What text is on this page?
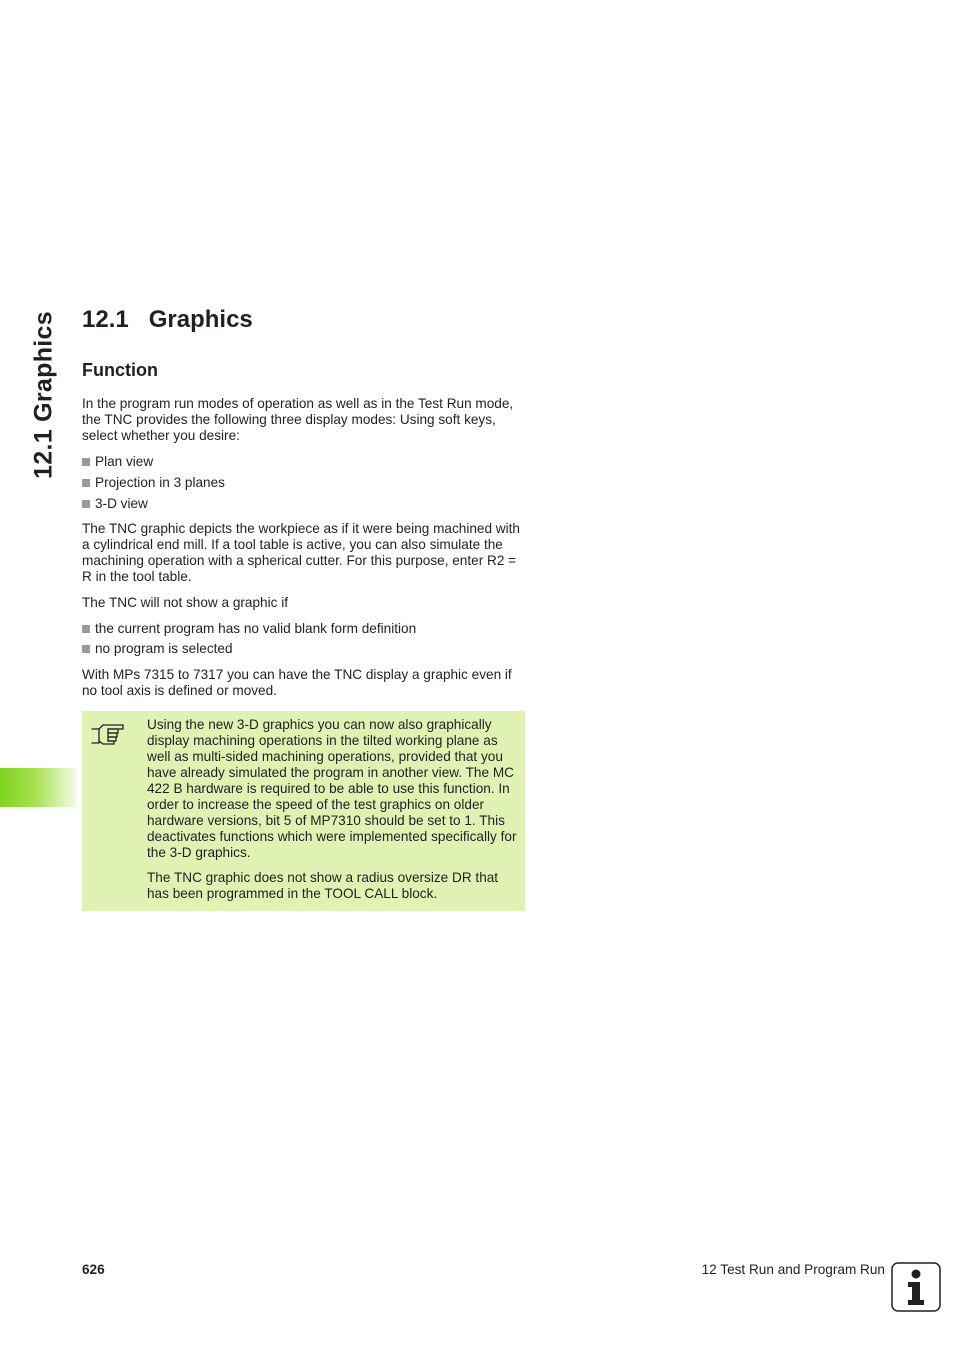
12.1 Graphics 12.1 Graphics
Function

In the program run modes of operation as well as in the Test Run mode, the TNC provides the following three display modes: Using soft keys, select whether you desire:

Plan view
Projection in 3 planes
3-D view

The TNC graphic depicts the workpiece as if it were being machined with a cylindrical end mill. If a tool table is active, you can also simulate the machining operation with a spherical cutter. For this purpose, enter R2 = R in the tool table.

The TNC will not show a graphic if

the current program has no valid blank form definition
no program is selected

With MPs 7315 to 7317 you can have the TNC display a graphic even if no tool axis is defined or moved.

Using the new 3-D graphics you can now also graphically display machining operations in the tilted working plane as well as multi-sided machining operations, provided that you have already simulated the program in another view. The MC 422 B hardware is required to be able to use this function. In order to increase the speed of the test graphics on older hardware versions, bit 5 of MP7310 should be set to 1. This deactivates functions which were implemented specifically for the 3-D graphics.

The TNC graphic does not show a radius oversize DR that has been programmed in the TOOL CALL block.

626	12 Test Run and Program Run
